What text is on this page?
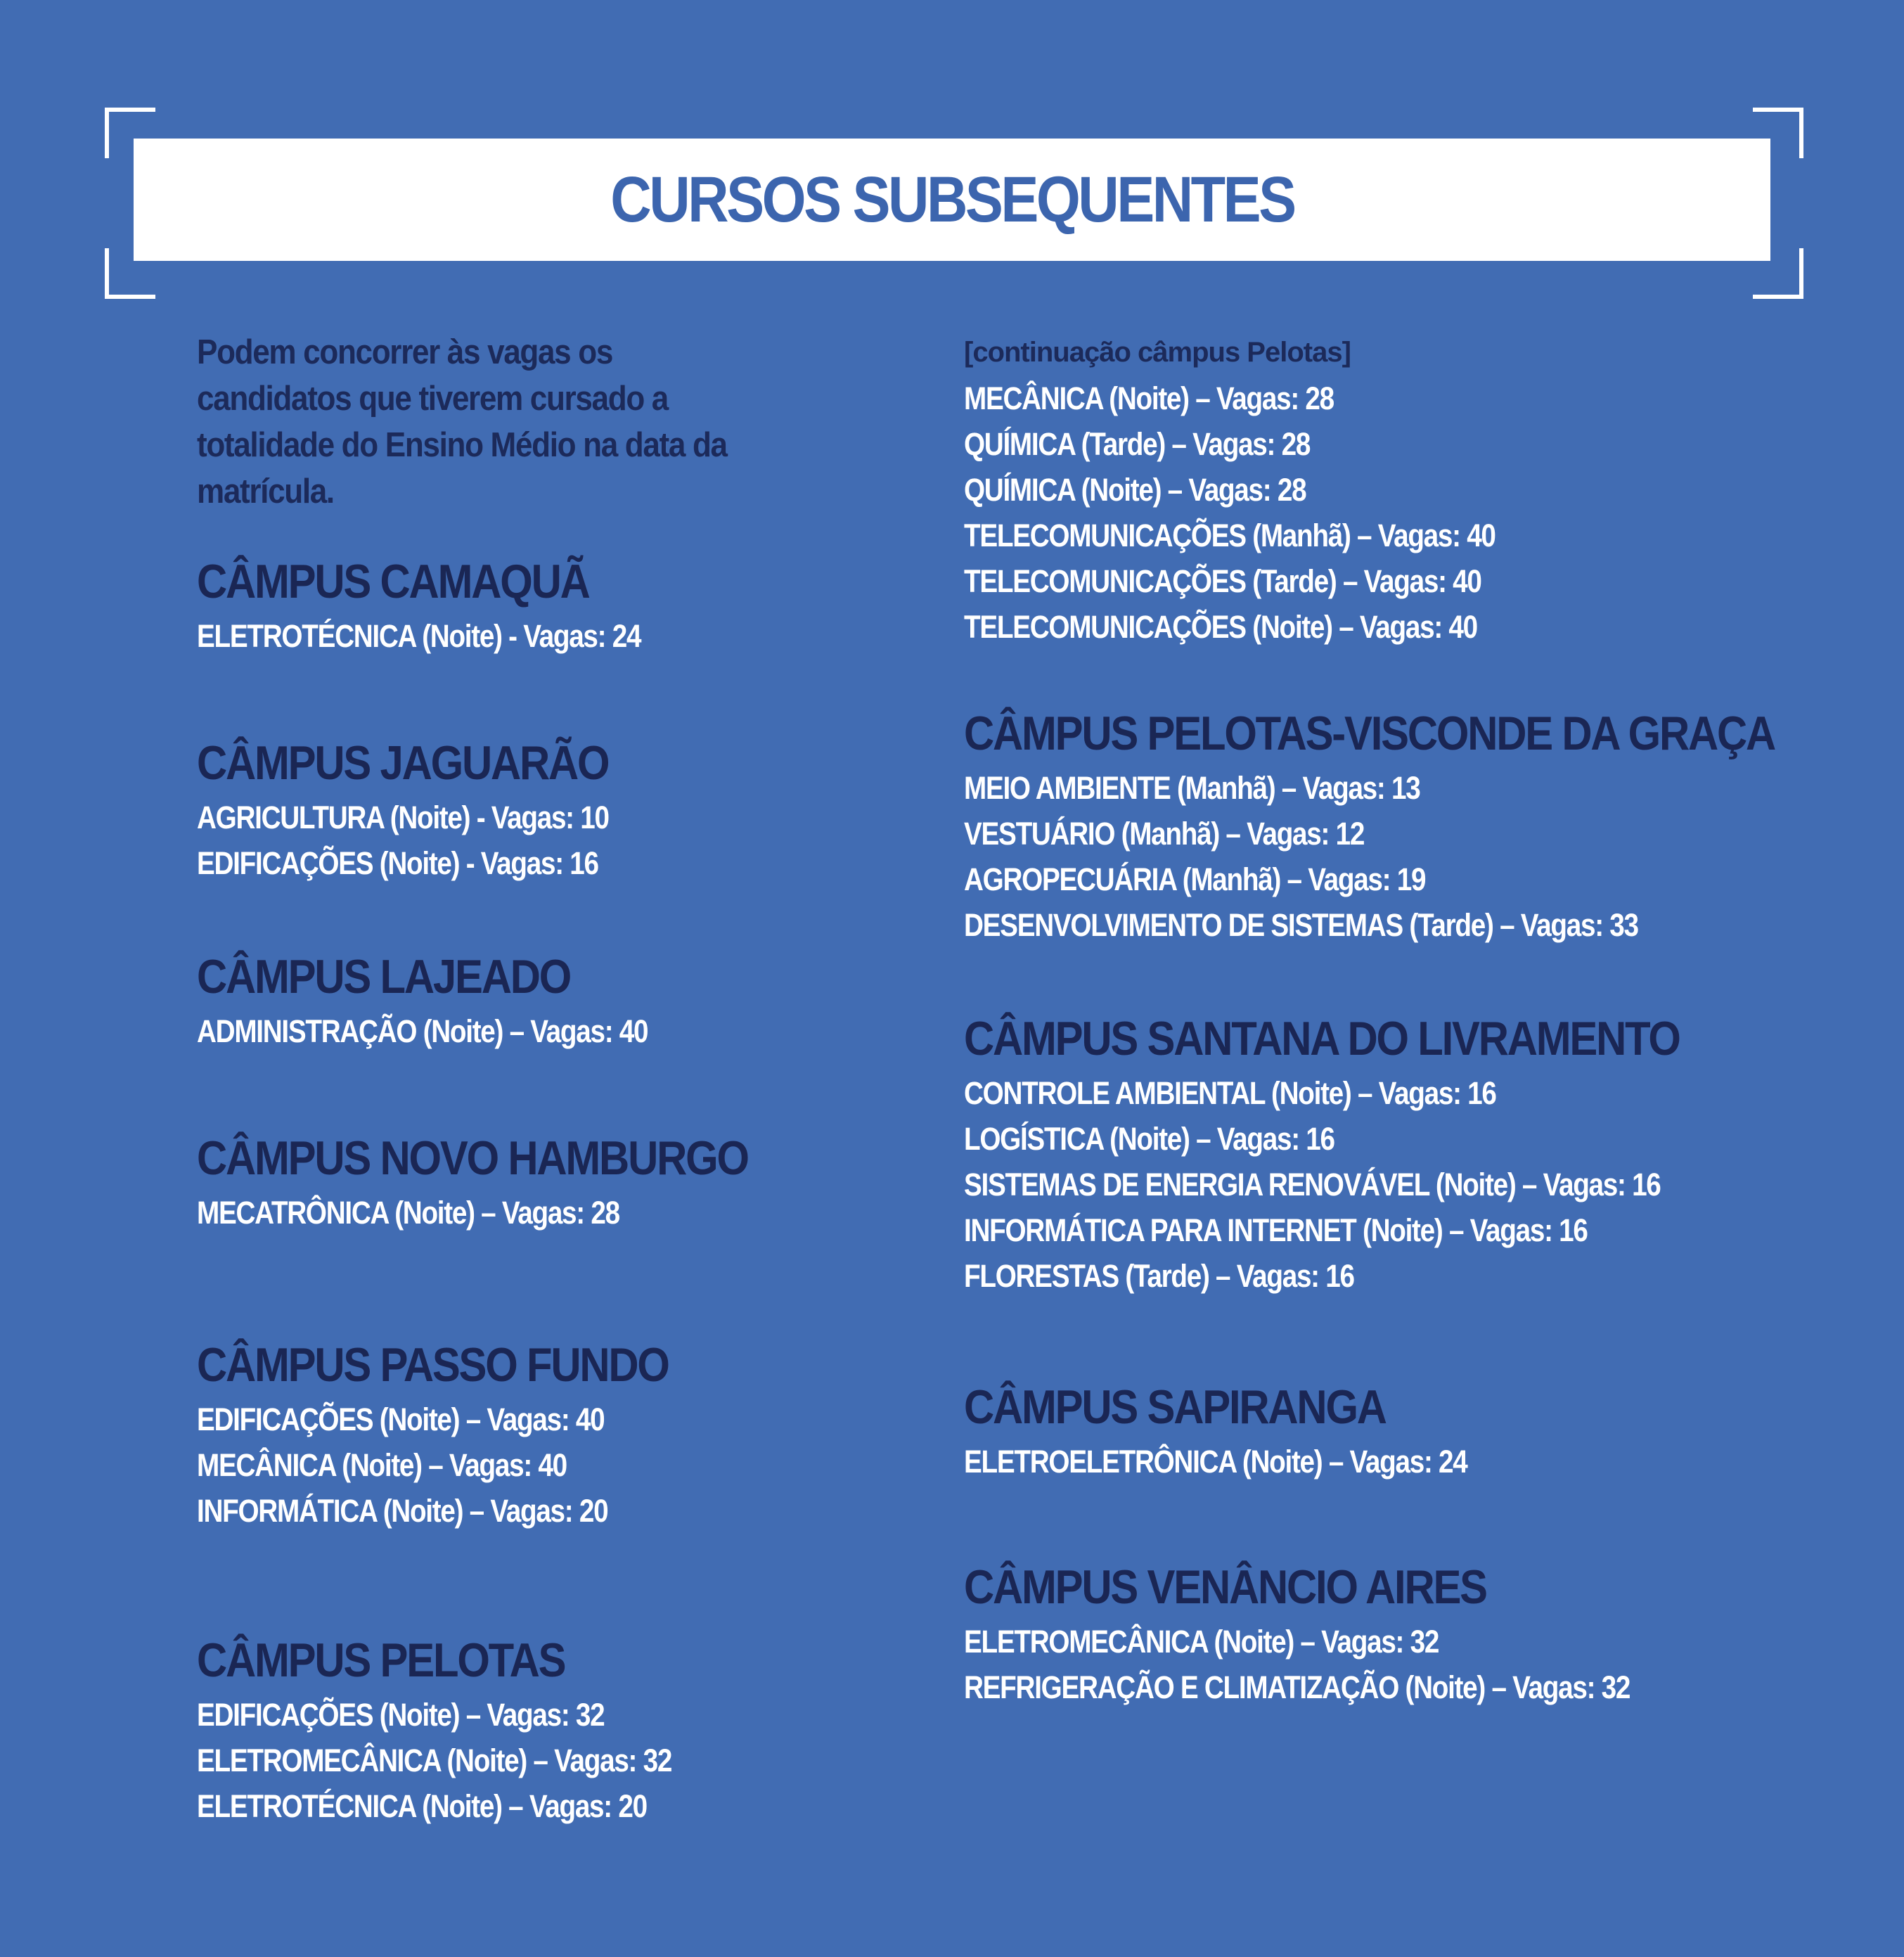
CURSOS SUBSEQUENTES

Podem concorrer às vagas os candidatos que tiverem cursado a totalidade do Ensino Médio na data da matrícula.

CÂMPUS CAMAQUÃ
ELETROTÉCNICA (Noite) - Vagas: 24
CÂMPUS JAGUARÃO
AGRICULTURA (Noite) - Vagas: 10
EDIFICAÇÕES (Noite) - Vagas: 16
CÂMPUS LAJEADO
ADMINISTRAÇÃO (Noite) – Vagas: 40
CÂMPUS NOVO HAMBURGO
MECATRÔNICA (Noite) – Vagas: 28
CÂMPUS PASSO FUNDO
EDIFICAÇÕES (Noite) – Vagas: 40
MECÂNICA (Noite) – Vagas: 40
INFORMÁTICA (Noite) – Vagas: 20
CÂMPUS PELOTAS
EDIFICAÇÕES (Noite) – Vagas: 32
ELETROMECÂNICA (Noite) – Vagas: 32
ELETROTÉCNICA (Noite) – Vagas: 20

[continuação câmpus Pelotas]

MECÂNICA (Noite) – Vagas: 28
QUÍMICA (Tarde) – Vagas: 28
QUÍMICA (Noite) – Vagas: 28
TELECOMUNICAÇÕES (Manhã) – Vagas: 40
TELECOMUNICAÇÕES (Tarde) – Vagas: 40
TELECOMUNICAÇÕES (Noite) – Vagas: 40
CÂMPUS PELOTAS-VISCONDE DA GRAÇA
MEIO AMBIENTE (Manhã) – Vagas: 13
VESTUÁRIO (Manhã) – Vagas: 12
AGROPECUÁRIA (Manhã) – Vagas: 19
DESENVOLVIMENTO DE SISTEMAS (Tarde) – Vagas: 33
CÂMPUS SANTANA DO LIVRAMENTO
CONTROLE AMBIENTAL (Noite) – Vagas: 16
LOGÍSTICA (Noite) – Vagas: 16
SISTEMAS DE ENERGIA RENOVÁVEL (Noite) – Vagas: 16
INFORMÁTICA PARA INTERNET (Noite) – Vagas: 16
FLORESTAS (Tarde) – Vagas: 16
CÂMPUS SAPIRANGA
ELETROELETRÔNICA (Noite) – Vagas: 24
CÂMPUS VENÂNCIO AIRES
ELETROMECÂNICA (Noite) – Vagas: 32
REFRIGERAÇÃO E CLIMATIZAÇÃO (Noite) – Vagas: 32
